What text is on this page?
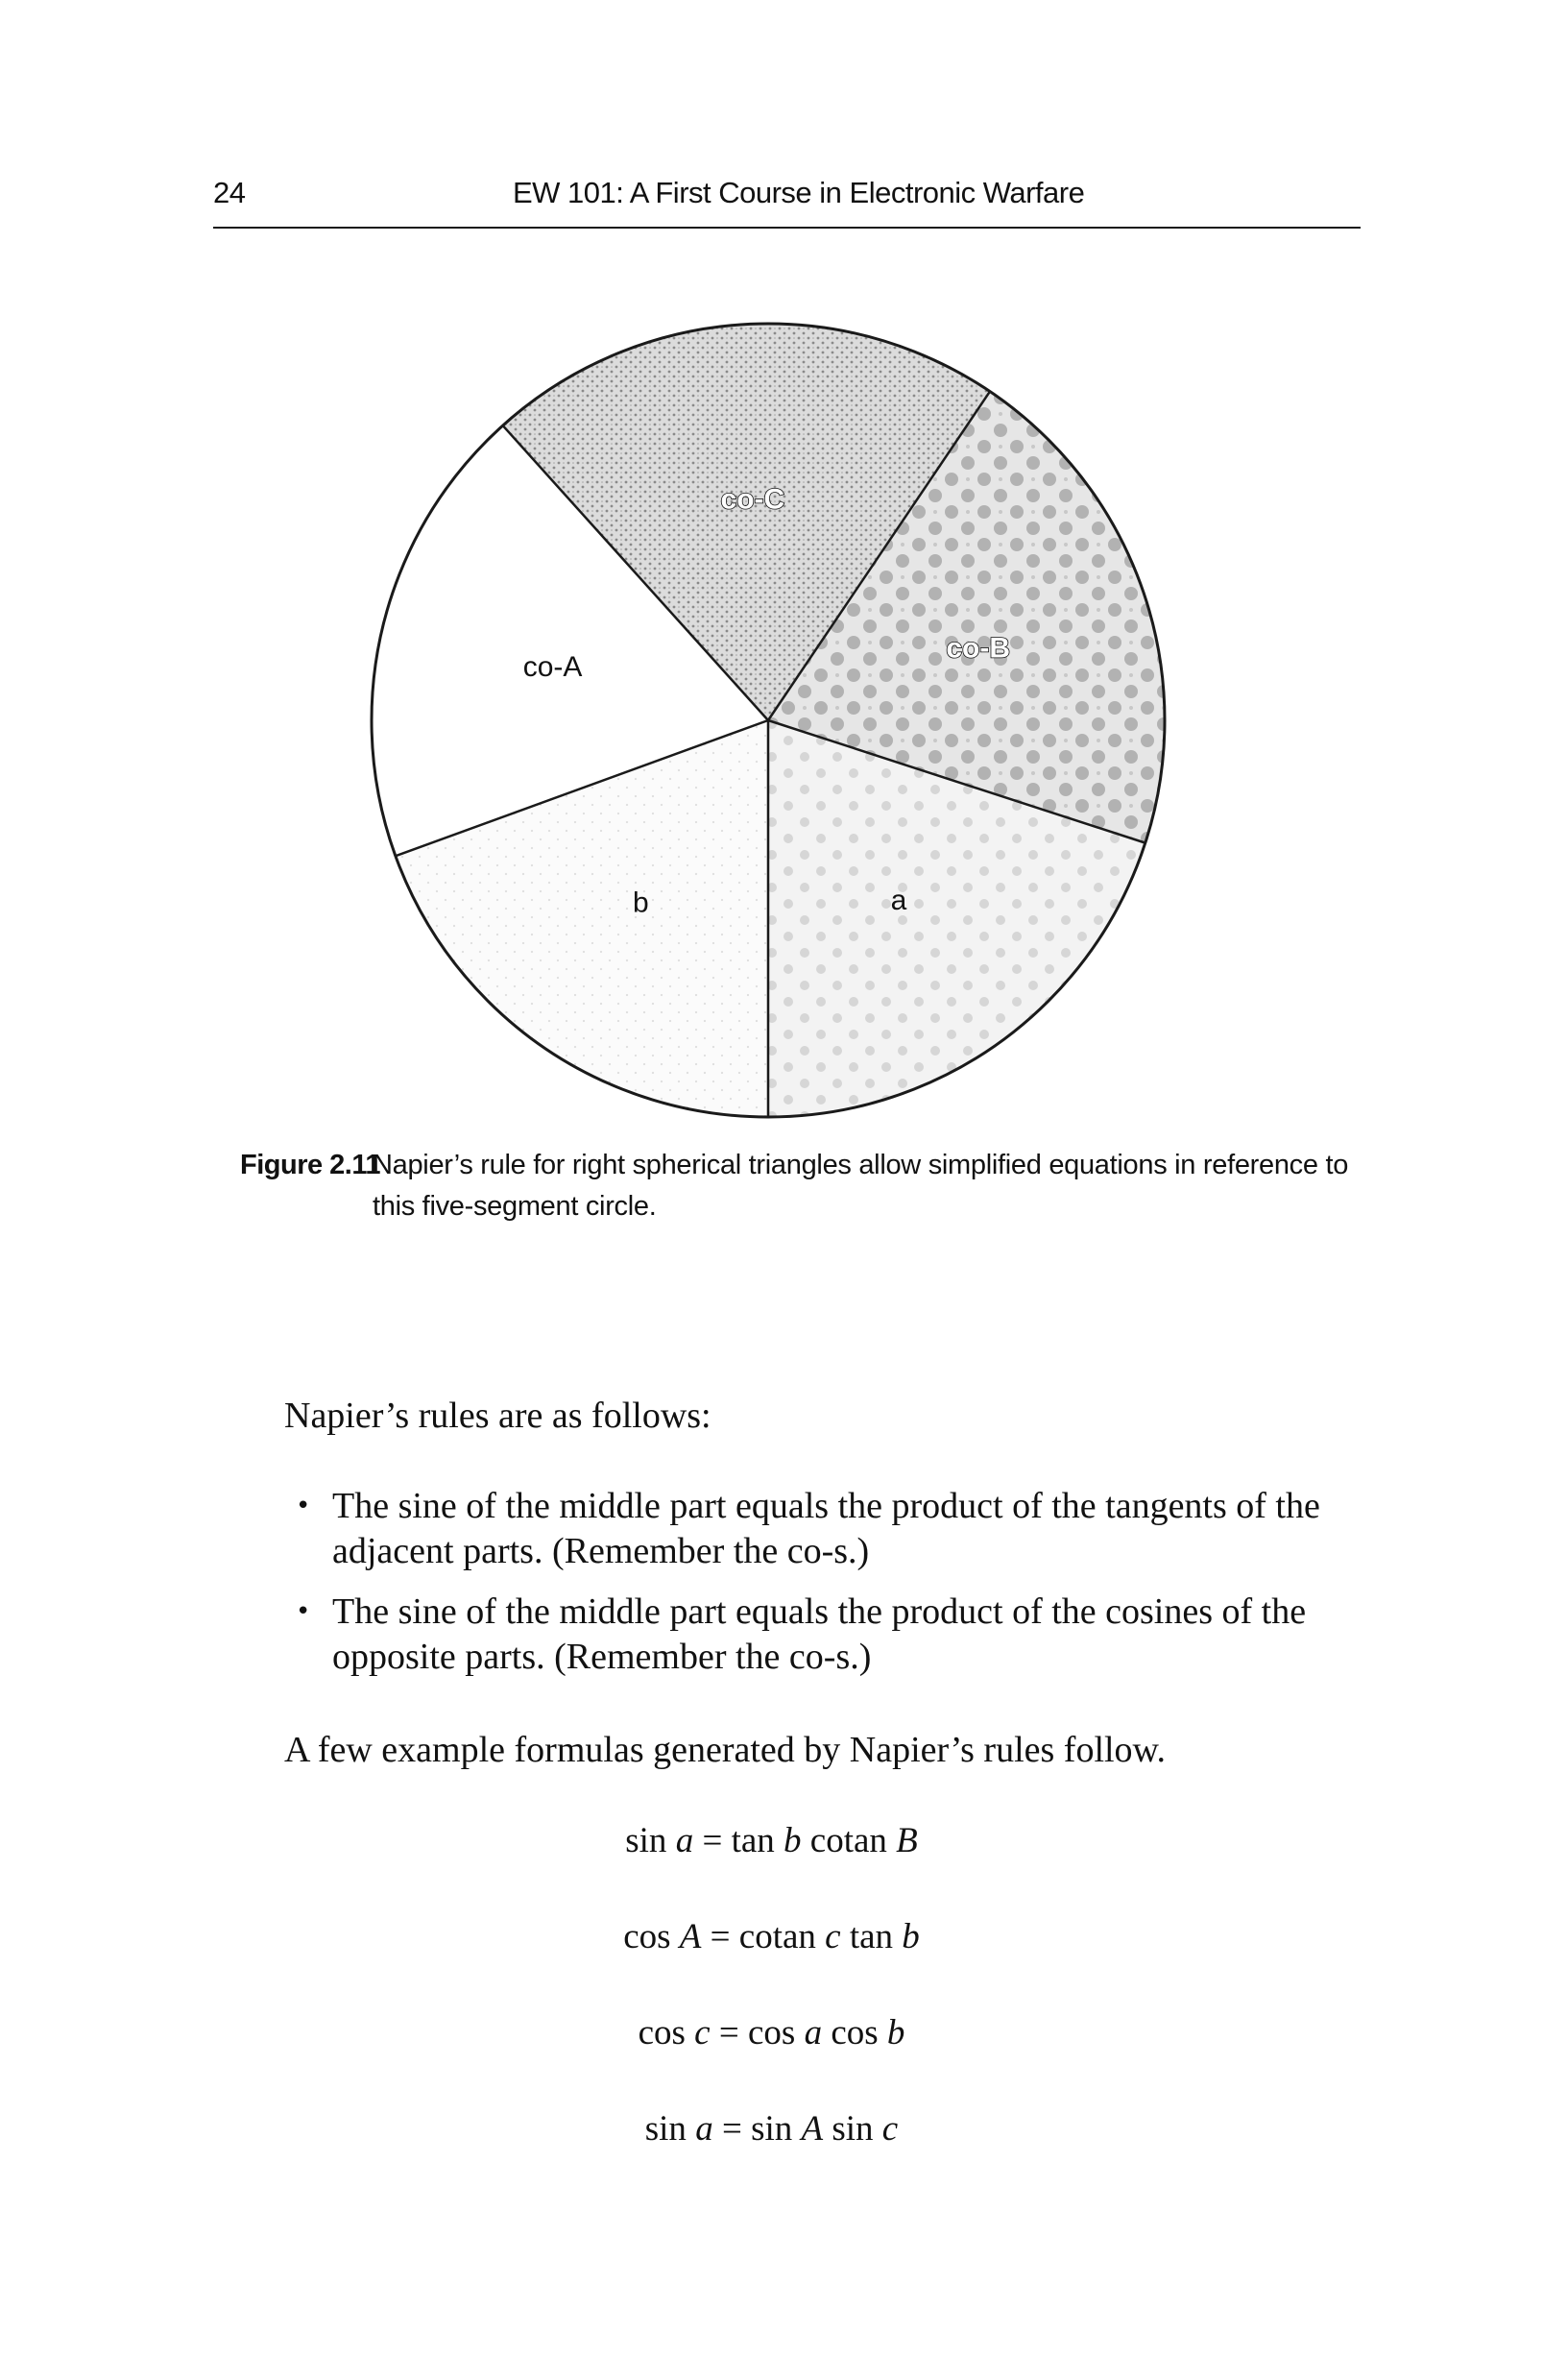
24	EW 101: A First Course in Electronic Warfare
co-C
co-B
a
b
co-A
Figure 2.11
Napier’s rule for right spherical triangles allow simplified equations in reference to this five-segment circle.

Napier’s rules are as follows:

• The sine of the middle part equals the product of the tangents of the adjacent parts. (Remember the co-s.)
• The sine of the middle part equals the product of the cosines of the opposite parts. (Remember the co-s.)

A few example formulas generated by Napier’s rules follow.

sin a = tan b cotan B
cos A = cotan c tan b
cos c = cos a cos b
sin a = sin A sin c
